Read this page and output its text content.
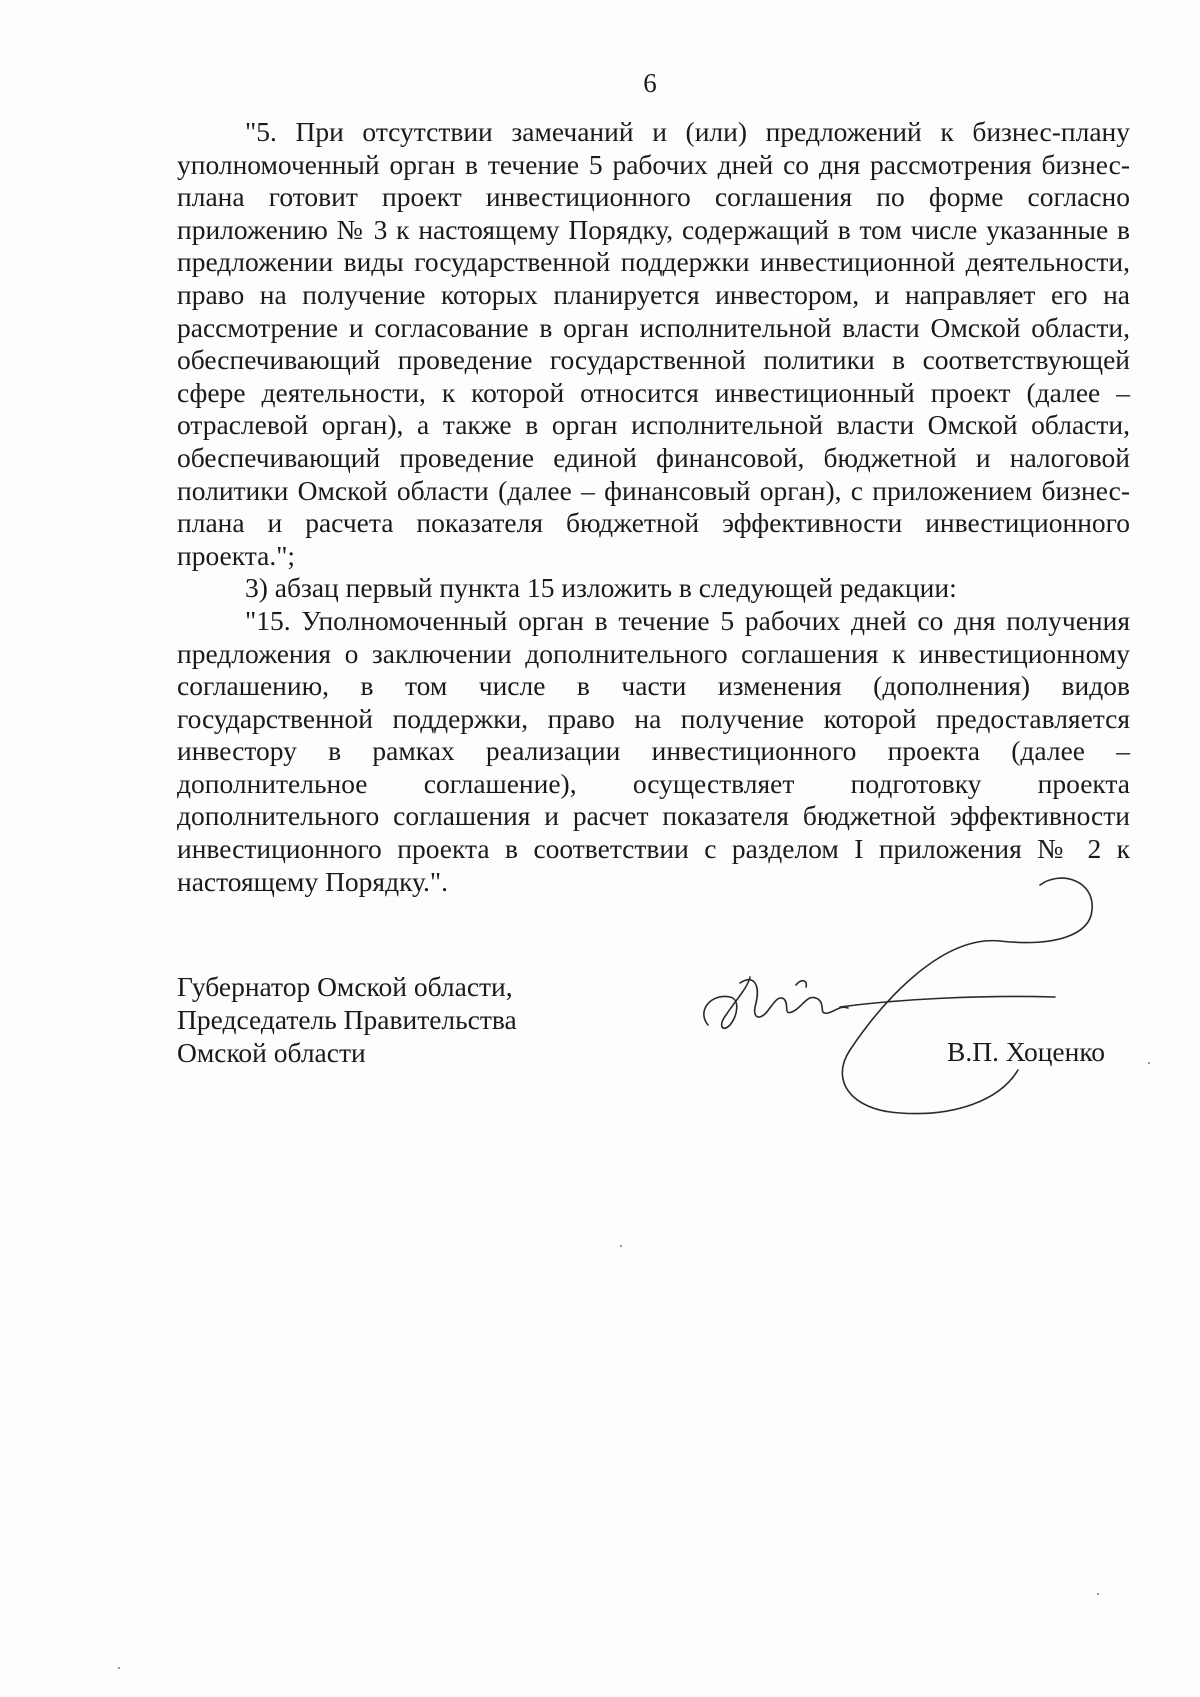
6

"5. При отсутствии замечаний и (или) предложений к бизнес-плану уполномоченный орган в течение 5 рабочих дней со дня рассмотрения бизнес-плана готовит проект инвестиционного соглашения по форме согласно приложению № 3 к настоящему Порядку, содержащий в том числе указанные в предложении виды государственной поддержки инвестиционной деятельности, право на получение которых планируется инвестором, и направляет его на рассмотрение и согласование в орган исполнительной власти Омской области, обеспечивающий проведение государственной политики в соответствующей сфере деятельности, к которой относится инвестиционный проект (далее – отраслевой орган), а также в орган исполнительной власти Омской области, обеспечивающий проведение единой финансовой, бюджетной и налоговой политики Омской области (далее – финансовый орган), с приложением бизнес-плана и расчета показателя бюджетной эффективности инвестиционного проекта.";

3) абзац первый пункта 15 изложить в следующей редакции:

"15. Уполномоченный орган в течение 5 рабочих дней со дня получения предложения о заключении дополнительного соглашения к инвестиционному соглашению, в том числе в части изменения (дополнения) видов государственной поддержки, право на получение которой предоставляется инвестору в рамках реализации инвестиционного проекта (далее – дополнительное соглашение), осуществляет подготовку проекта дополнительного соглашения и расчет показателя бюджетной эффективности инвестиционного проекта в соответствии с разделом I приложения № 2 к настоящему Порядку.".

Губернатор Омской области,
Председатель Правительства
Омской области	В.П. Хоценко
